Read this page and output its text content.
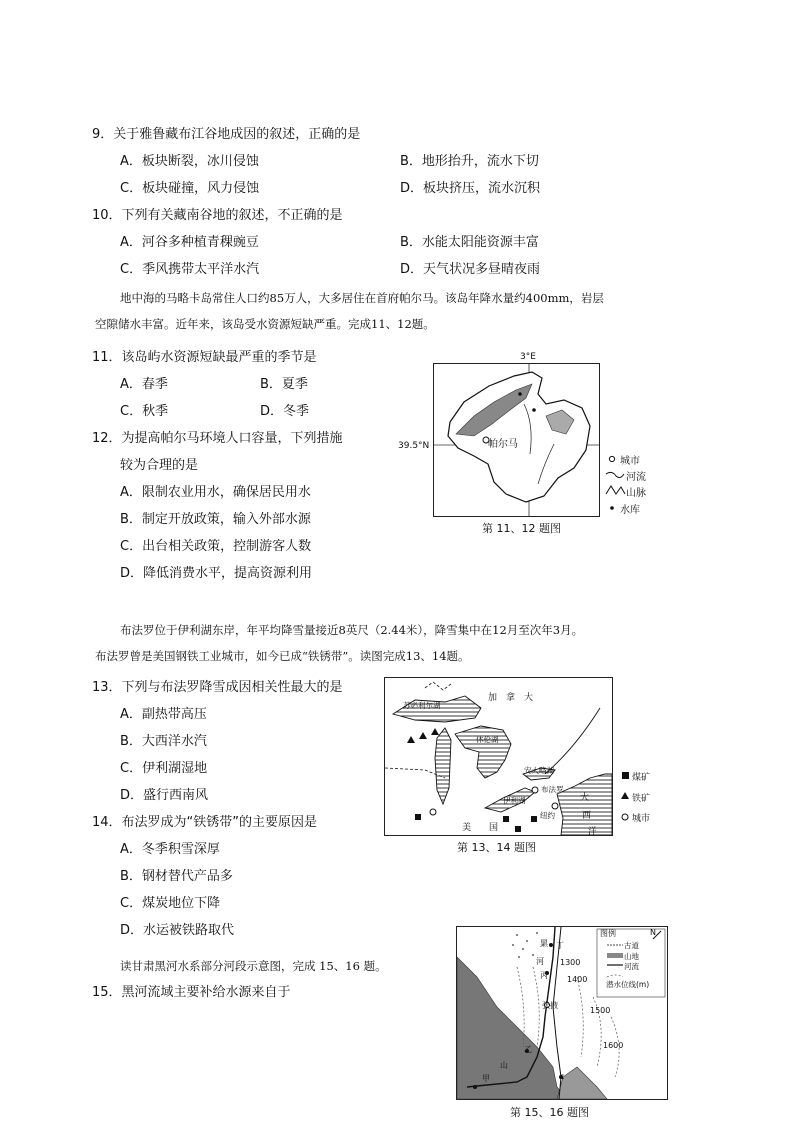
9．关于雅鲁藏布江谷地成因的叙述，正确的是
A．板块断裂，冰川侵蚀	B．地形抬升，流水下切
C．板块碰撞，风力侵蚀	D．板块挤压，流水沉积
10．下列有关藏南谷地的叙述，不正确的是
A．河谷多种植青稞豌豆	B．水能太阳能资源丰富
C．季风携带太平洋水汽	D．天气状况多昼晴夜雨
地中海的马略卡岛常住人口约85万人，大多居住在首府帕尔马。该岛年降水量约400mm，岩层
空隙储水丰富。近年来，该岛受水资源短缺严重。完成11、12题。
11．该岛屿水资源短缺最严重的季节是
A．春季	B．夏季
C．秋季	D．冬季
12．为提高帕尔马环境人口容量，下列措施
较为合理的是
A．限制农业用水，确保居民用水
B．制定开放政策，输入外部水源
C．出台相关政策，控制游客人数
D．降低消费水平，提高资源利用
3°E
39.5°N	帕尔马
城市
河流
山脉
水库
第 11、12 题图
布法罗位于伊利湖东岸，年平均降雪量接近8英尺（2.44米），降雪集中在12月至次年3月。
布法罗曾是美国钢铁工业城市，如今已成“铁锈带”。读图完成13、14题。
13．下列与布法罗降雪成因相关性最大的是
A．副热带高压
B．大西洋水汽
C．伊利湖湿地
D．盛行西南风
14．布法罗成为“铁锈带”的主要原因是
A．冬季积雪深厚
B．钢材替代产品多
C．煤炭地位下降
D．水运被铁路取代
加　拿　大
苏必利尔湖
休伦湖
安大略湖
伊利湖
布法罗
纽约
美　　国
大
西
洋
煤矿
铁矿
城市
第 13、14 题图
读甘肃黑河水系部分河段示意图，完成 15、16 题。
15．黑河流域主要补给水源来自于
图例	N
古道
山地
河流
潜水位线(m)
1300
1400
1500
1600
黑
河
丁
丙
张掖
乙
山
甲	c
第 15、16 题图
